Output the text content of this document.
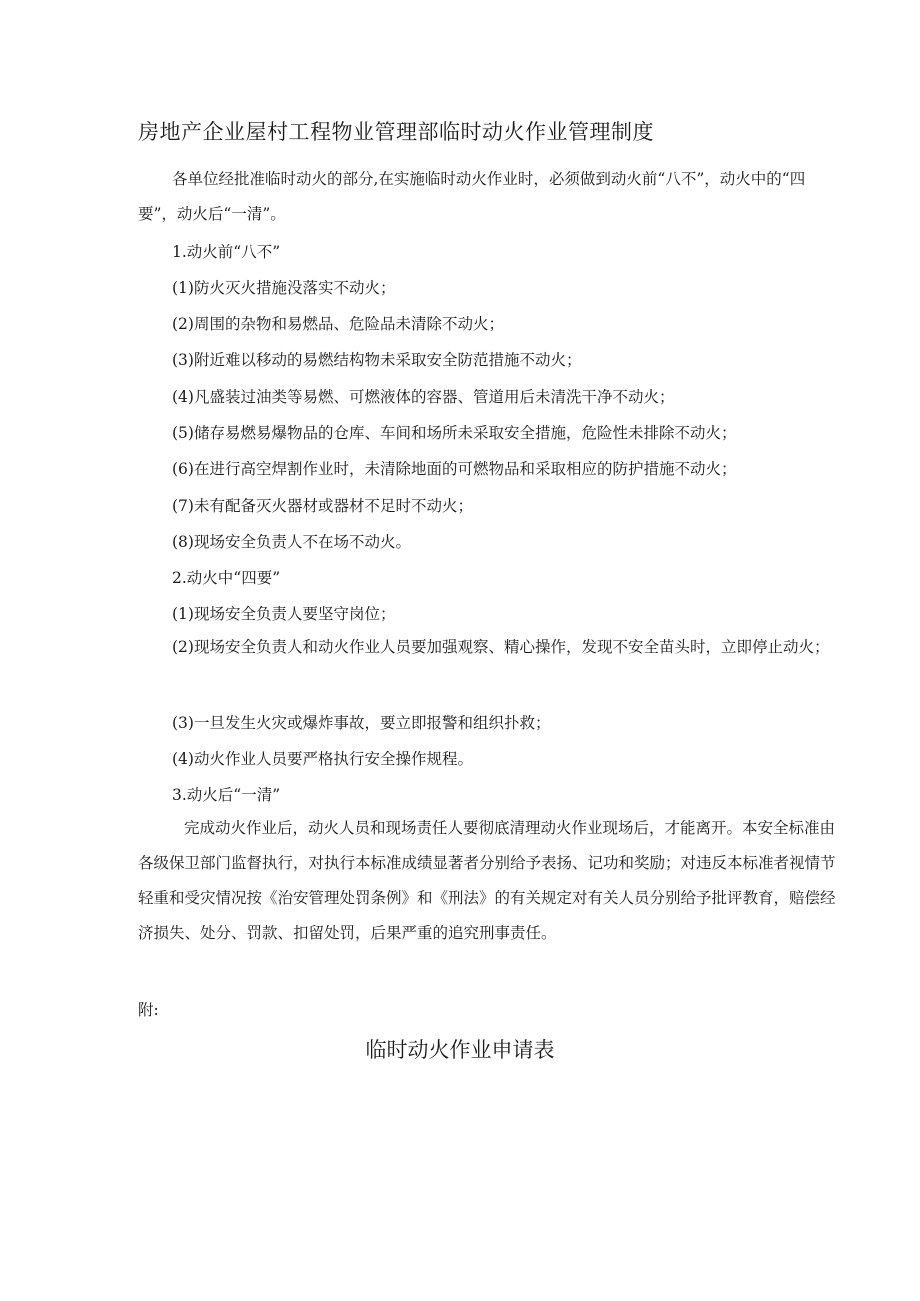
房地产企业屋村工程物业管理部临时动火作业管理制度
各单位经批准临时动火的部分,在实施临时动火作业时，必须做到动火前“八不”，动火中的“四要”，动火后“一清”。
1.动火前“八不”
(1)防火灭火措施没落实不动火；
(2)周围的杂物和易燃品、危险品未清除不动火；
(3)附近难以移动的易燃结构物未采取安全防范措施不动火；
(4)凡盛装过油类等易燃、可燃液体的容器、管道用后未清洗干净不动火；
(5)储存易燃易爆物品的仓库、车间和场所未采取安全措施，危险性未排除不动火；
(6)在进行高空焊割作业时，未清除地面的可燃物品和采取相应的防护措施不动火；
(7)未有配备灭火器材或器材不足时不动火；
(8)现场安全负责人不在场不动火。
2.动火中“四要”
(1)现场安全负责人要坚守岗位；
(2)现场安全负责人和动火作业人员要加强观察、精心操作，发现不安全苗头时，立即停止动火；
(3)一旦发生火灾或爆炸事故，要立即报警和组织扑救；
(4)动火作业人员要严格执行安全操作规程。
3.动火后“一清”
完成动火作业后，动火人员和现场责任人要彻底清理动火作业现场后，才能离开。本安全标准由各级保卫部门监督执行，对执行本标准成绩显著者分别给予表扬、记功和奖励；对违反本标准者视情节轻重和受灾情况按《治安管理处罚条例》和《刑法》的有关规定对有关人员分别给予批评教育，赔偿经济损失、处分、罚款、扣留处罚，后果严重的追究刑事责任。
附:
临时动火作业申请表
